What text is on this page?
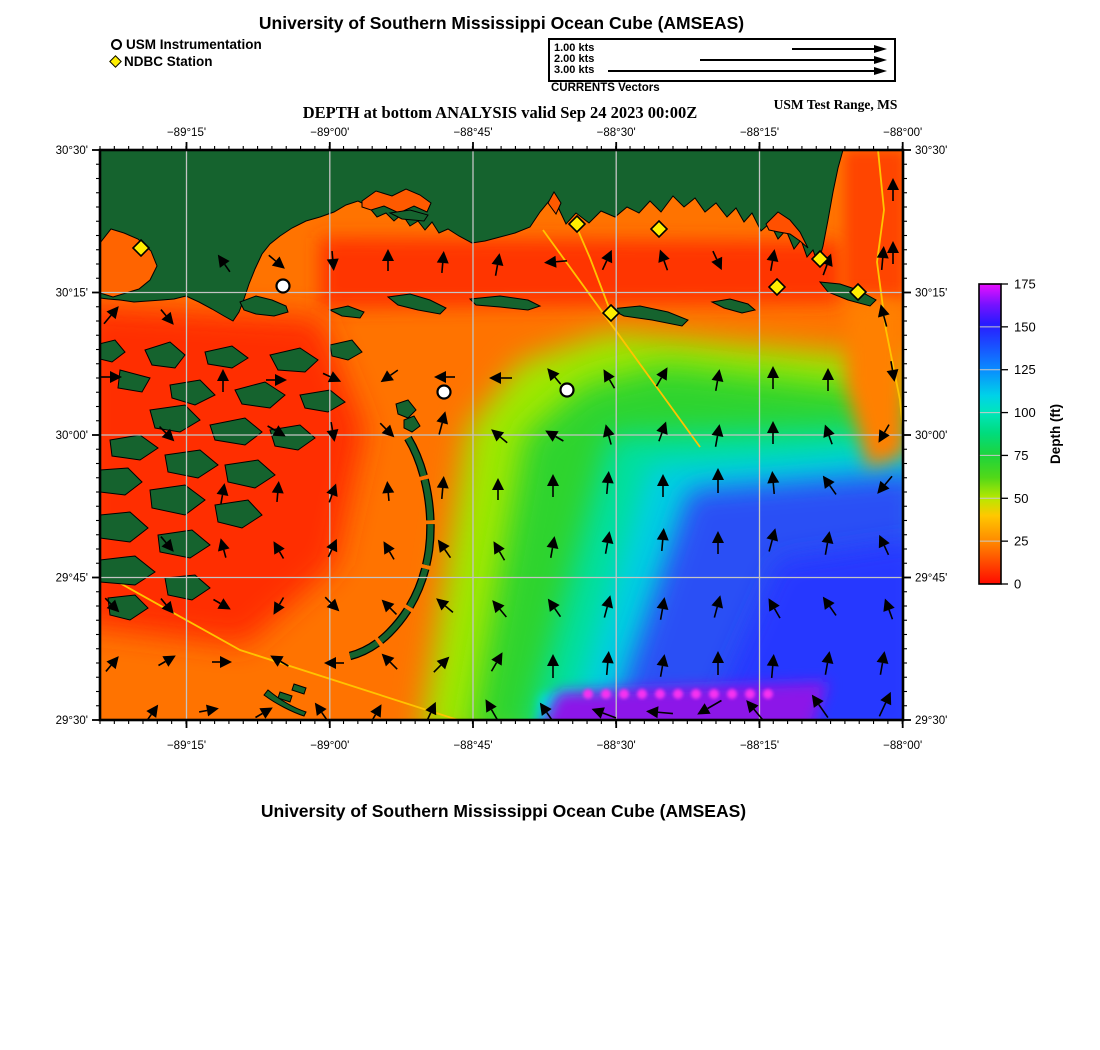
−89°15'
−89°15'
−89°00'
−89°00'
−88°45'
−88°45'
−88°30'
−88°30'
−88°15'
−88°15'
−88°00'
−88°00'
30°30'	30°30'
30°15'	30°15'
30°00'	30°00'
29°45'	29°45'
29°30'	29°30'
0
25
50
75
100
125
150
175
Depth (ft)
University of Southern Mississippi Ocean Cube (AMSEAS)
USM Instrumentation
NDBC Station
1.00 kts
2.00 kts
3.00 kts
CURRENTS Vectors
DEPTH at bottom ANALYSIS valid Sep 24 2023 00:00Z	USM Test Range, MS
University of Southern Mississippi Ocean Cube (AMSEAS)
